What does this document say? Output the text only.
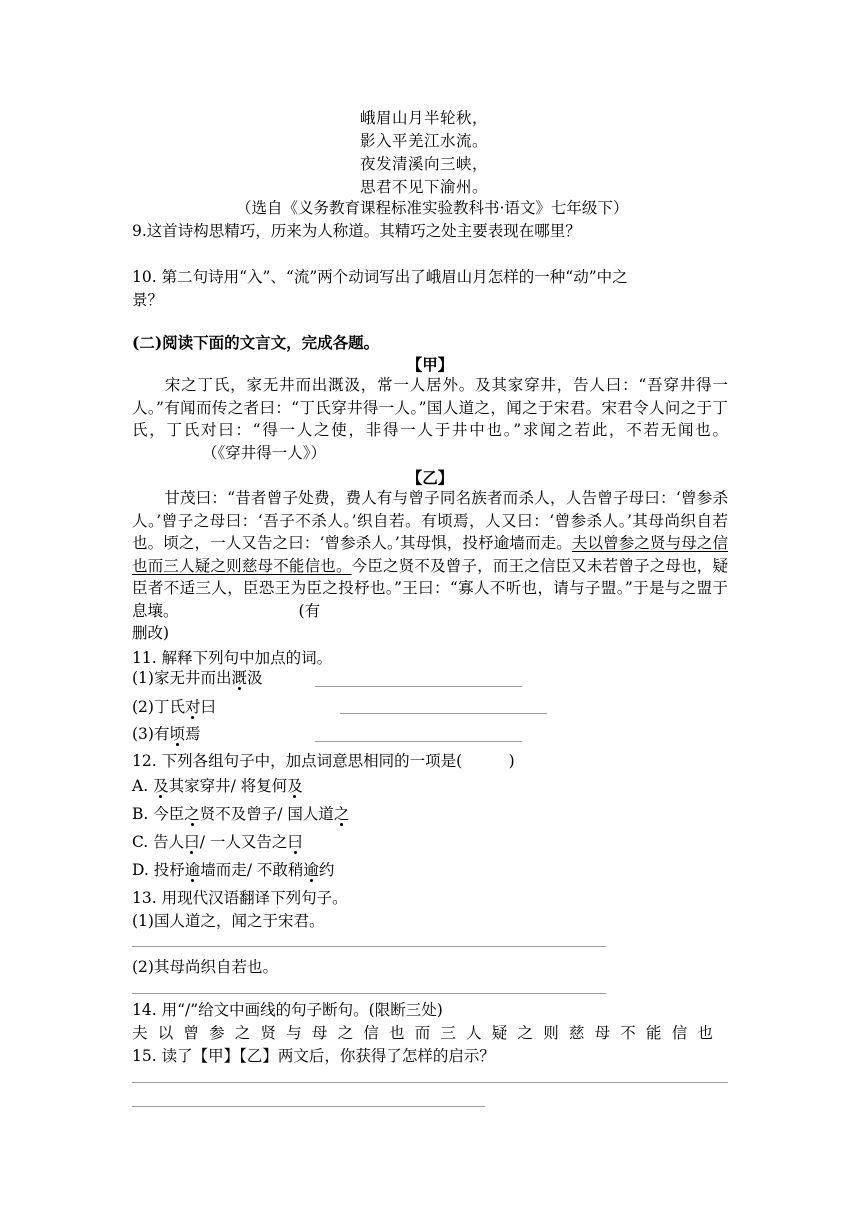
峨眉山月半轮秋，
影入平羌江水流。
夜发清溪向三峡，
思君不见下渝州。
（选自《义务教育课程标准实验教科书·语文》七年级下）
9.这首诗构思精巧，历来为人称道。其精巧之处主要表现在哪里？
10. 第二句诗用“入”、“流”两个动词写出了峨眉山月怎样的一种“动”中之
景？
(二)阅读下面的文言文，完成各题。
【甲】
宋之丁氏，家无井而出溉汲，常一人居外。及其家穿井，告人曰：“吾穿井得一人。”有闻而传之者曰：“丁氏穿井得一人。”国人道之，闻之于宋君。宋君令人问之于丁氏，丁氏对曰：“得一人之使，非得一人于井中也。”求闻之若此，不若无闻也。（《穿井得一人》）
【乙】
甘茂曰：“昔者曾子处费，费人有与曾子同名族者而杀人，人告曾子母曰：‘曾参杀人。’曾子之母曰：‘吾子不杀人。’织自若。有顷焉，人又曰：‘曾参杀人。’其母尚织自若也。顷之，一人又告之曰：‘曾参杀人。’其母惧，投杼逾墙而走。夫以曾参之贤与母之信也而三人疑之则慈母不能信也。今臣之贤不及曾子，而王之信臣又未若曾子之母也，疑臣者不适三人，臣恐王为臣之投杼也。”王曰：“寡人不听也，请与子盟。”于是与之盟于息壤。	(有
删改)
11. 解释下列句中加点的词。
(1)家无井而出溉汲
(2)丁氏对曰
(3)有顷焉
12. 下列各组句子中，加点词意思相同的一项是(　　　)
A. 及其家穿井/ 将复何及
B. 今臣之贤不及曾子/ 国人道之
C. 告人曰/ 一人又告之曰
D. 投杼逾墙而走/ 不敢稍逾约
13. 用现代汉语翻译下列句子。
(1)国人道之，闻之于宋君。
(2)其母尚织自若也。
14. 用“/”给文中画线的句子断句。(限断三处)
夫以曾参之贤与母之信也而三人疑之则慈母不能信也
15. 读了【甲】【乙】两文后，你获得了怎样的启示？
